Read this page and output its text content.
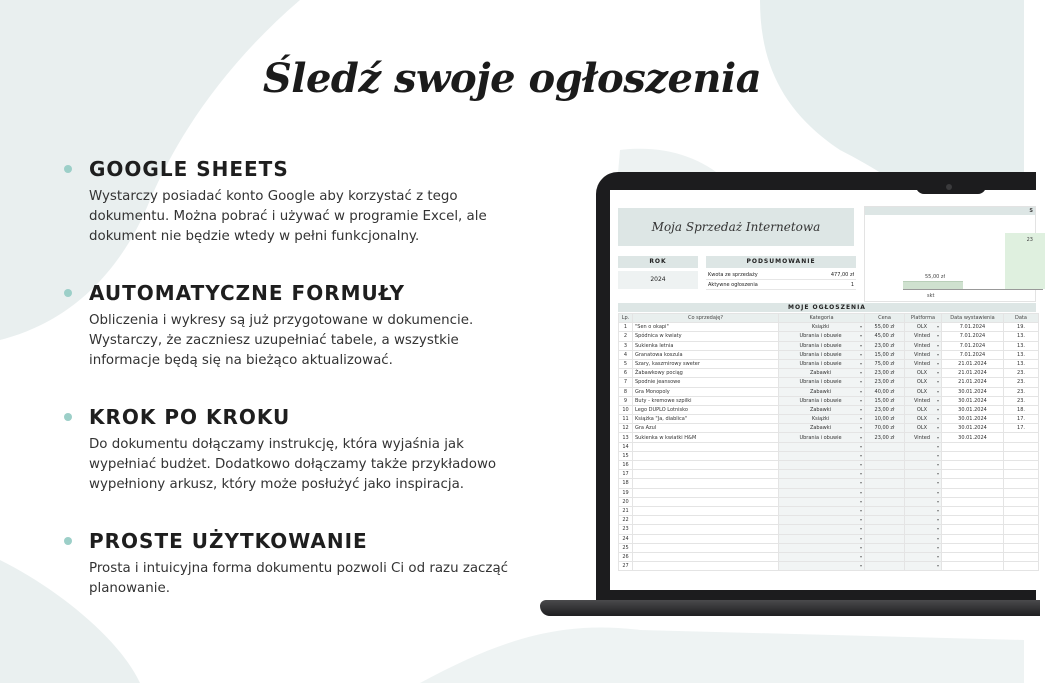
Śledź swoje ogłoszenia
GOOGLE SHEETS

Wystarczy posiadać konto Google aby korzystać z tego dokumentu. Można pobrać i używać w programie Excel, ale dokument nie będzie wtedy w pełni funkcjonalny.

AUTOMATYCZNE FORMUŁY

Obliczenia i wykresy są już przygotowane w dokumencie. Wystarczy, że zaczniesz uzupełniać tabele, a wszystkie informacje będą się na bieżąco aktualizować.

KROK PO KROKU

Do dokumentu dołączamy instrukcję, która wyjaśnia jak wypełniać budżet. Dodatkowo dołączamy także przykładowo wypełniony arkusz, który może posłużyć jako inspiracja.

PROSTE UŻYTKOWANIE

Prosta i intuicyjna forma dokumentu pozwoli Ci od razu zacząć planowanie.

Moja Sprzedaż Internetowa
S
55,00 zł
skt
23
ROK
2024
PODSUMOWANIE
Kwota ze sprzedaży	477,00 zł
Aktywne ogłoszenia	1
MOJE OGŁOSZENIA
Lp.	Co sprzedaję?	Kategoria	Cena	Platforma	Data wystawienia	Data
1	"Sen o okapi"	Książki ▾	55,00 zł	OLX ▾	7.01.2024	19.
2	Spódnica w kwiaty	Ubrania i obuwie ▾	45,00 zł	Vinted ▾	7.01.2024	13.
3	Sukienka letnia	Ubrania i obuwie ▾	23,00 zł	Vinted ▾	7.01.2024	13.
4	Granatowa koszula	Ubrania i obuwie ▾	15,00 zł	Vinted ▾	7.01.2024	13.
5	Szary, kaszmirowy sweter	Ubrania i obuwie ▾	75,00 zł	Vinted ▾	21.01.2024	13.
6	Żabawkowy pociąg	Zabawki ▾	23,00 zł	OLX ▾	21.01.2024	23.
7	Spodnie jeansowe	Ubrania i obuwie ▾	23,00 zł	OLX ▾	21.01.2024	23.
8	Gra Monopoly	Zabawki ▾	40,00 zł	OLX ▾	30.01.2024	23.
9	Buty - kremowe szpilki	Ubrania i obuwie ▾	15,00 zł	Vinted ▾	30.01.2024	23.
10	Lego DUPLO Lotnisko	Zabawki ▾	23,00 zł	OLX ▾	30.01.2024	18.
11	Książka "Ja, diablica"	Książki ▾	10,00 zł	OLX ▾	30.01.2024	17.
12	Gra Azul	Zabawki ▾	70,00 zł	OLX ▾	30.01.2024	17.
13	Sukienka w kwiatki H&M	Ubrania i obuwie ▾	23,00 zł	Vinted ▾	30.01.2024	
14		▾		▾		

15		▾		▾		

16		▾		▾		

17		▾		▾		

18		▾		▾		

19		▾		▾		

20		▾		▾		

21		▾		▾		

22		▾		▾		

23		▾		▾		

24		▾		▾		

25		▾		▾		

26		▾		▾		

27		▾		▾		
